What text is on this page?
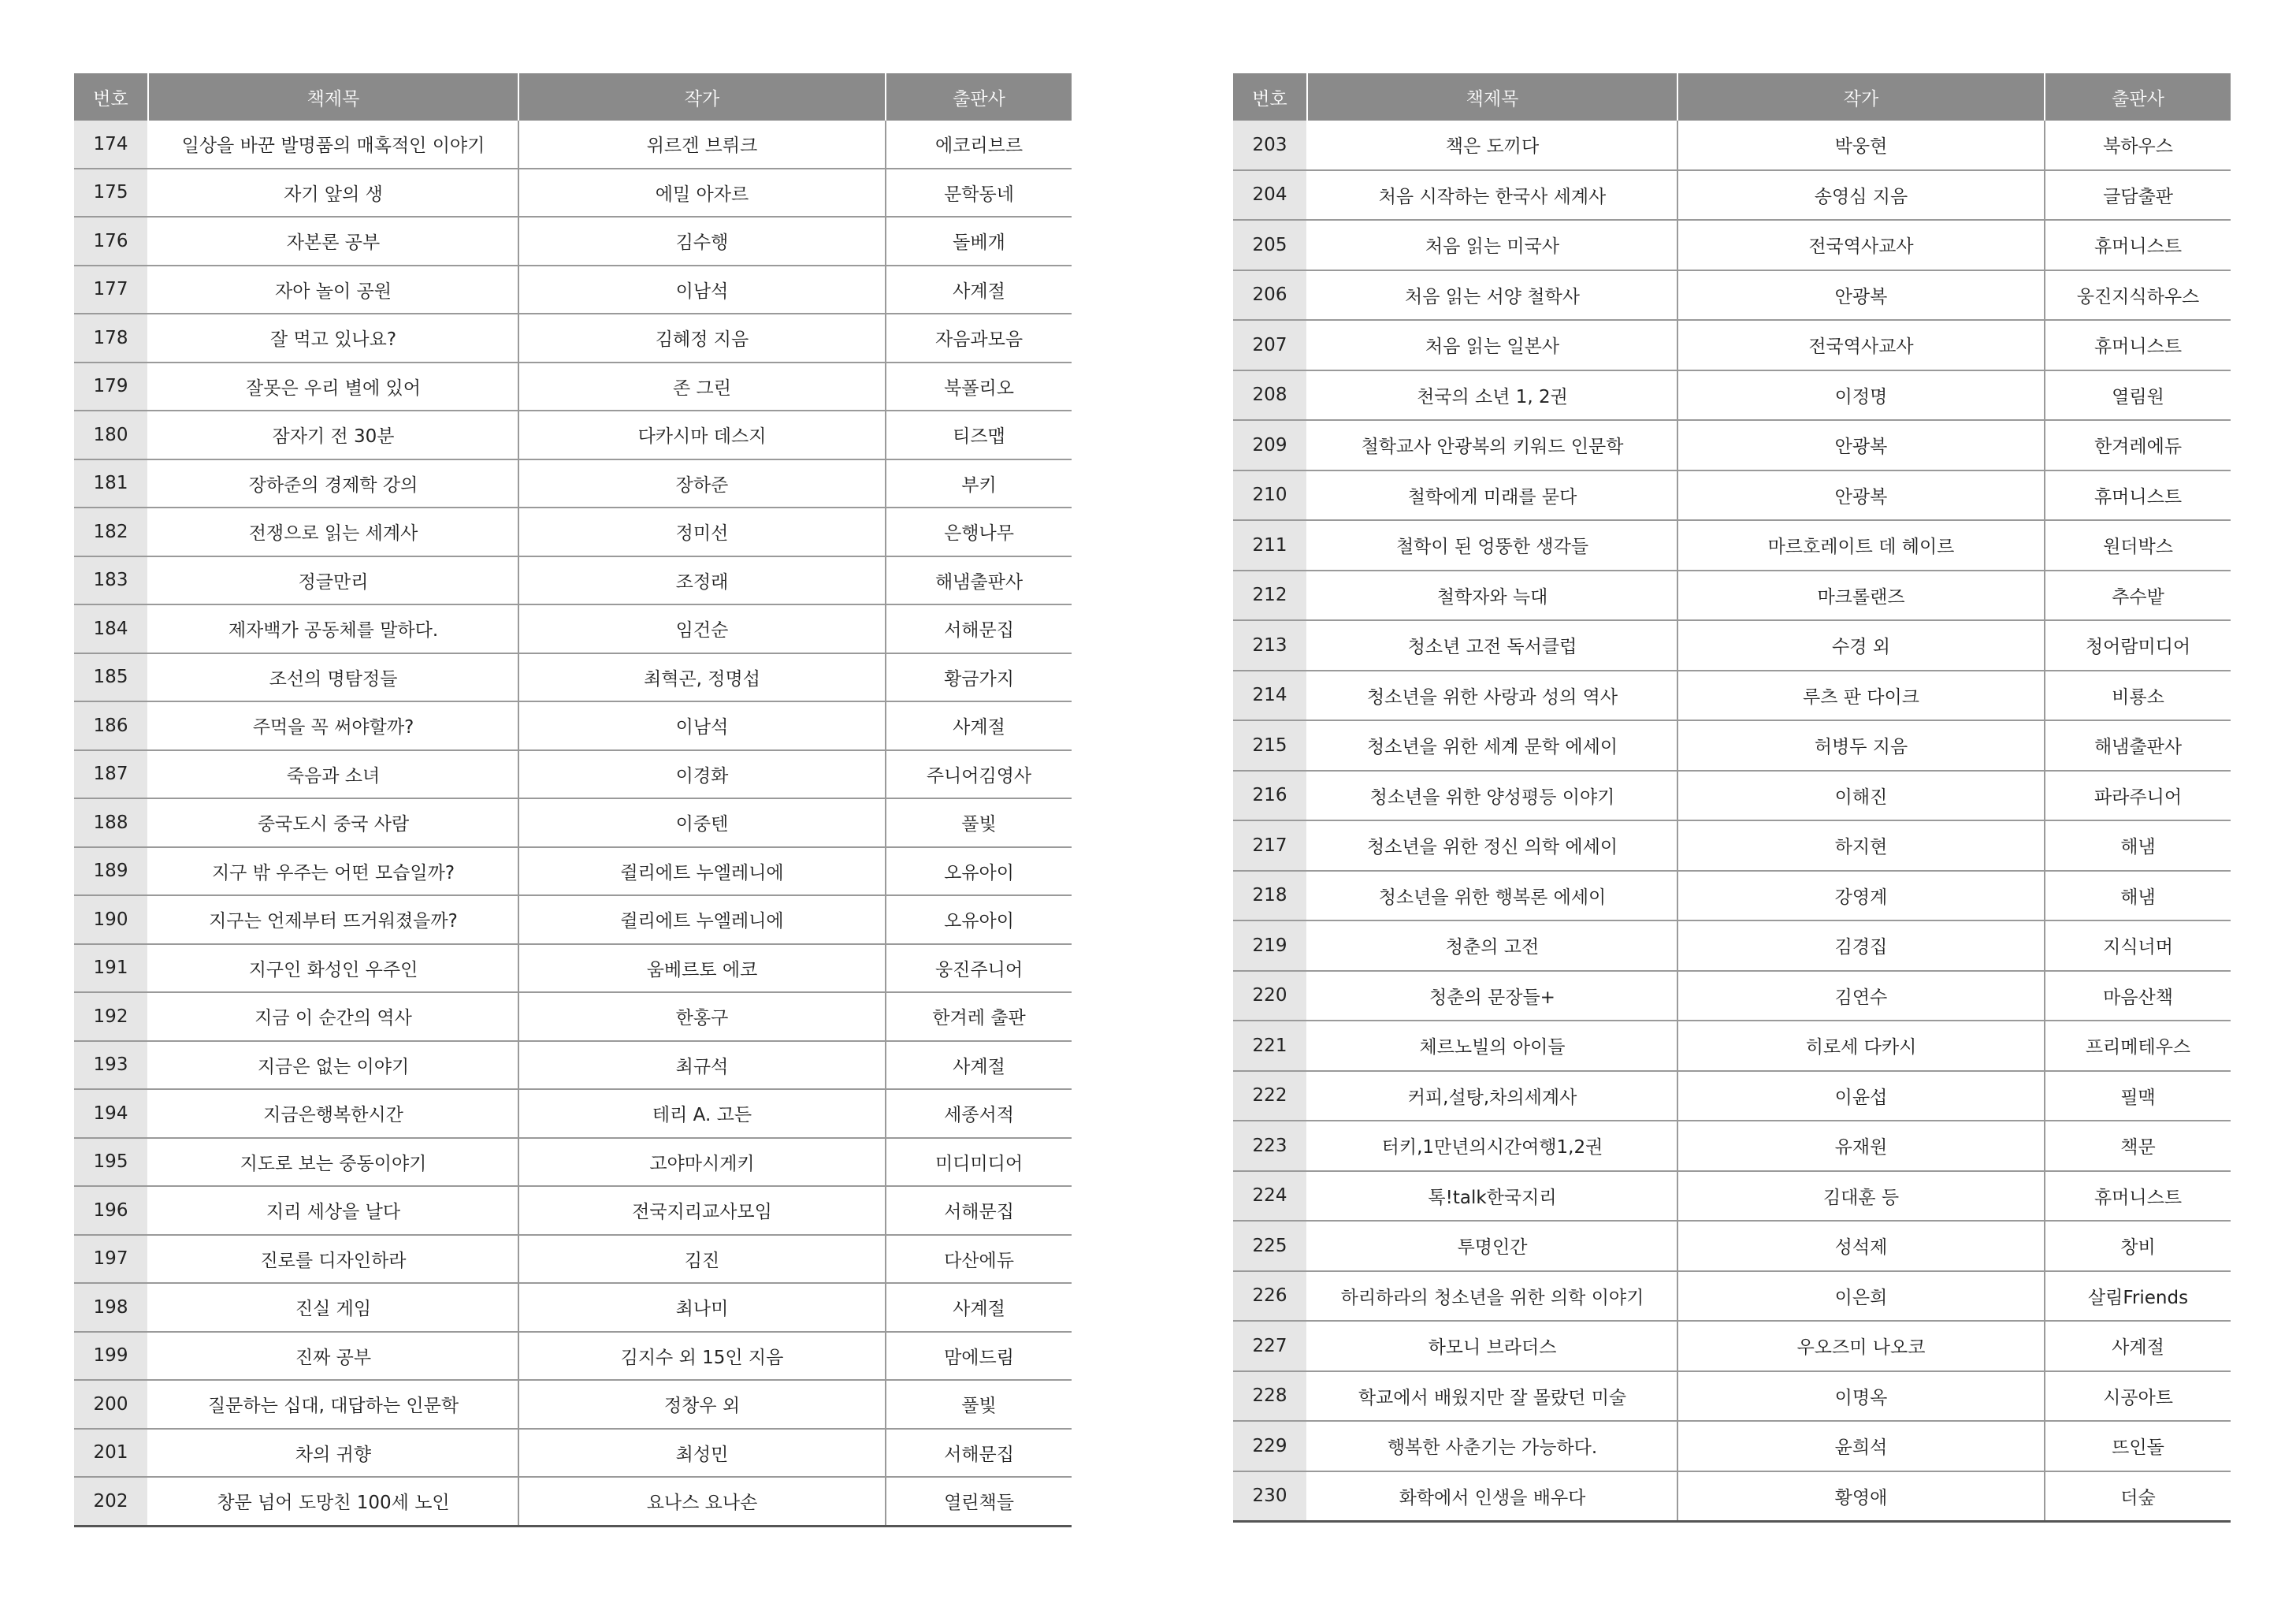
번호	책제목	작가	출판사
174	일상을 바꾼 발명품의 매혹적인 이야기	위르겐 브뤼크	에코리브르
175	자기 앞의 생	에밀 아자르	문학동네
176	자본론 공부	김수행	돌베개
177	자아 놀이 공원	이남석	사계절
178	잘 먹고 있나요?	김혜정 지음	자음과모음
179	잘못은 우리 별에 있어	존 그린	북폴리오
180	잠자기 전 30분	다카시마 데스지	티즈맵
181	장하준의 경제학 강의	장하준	부키
182	전쟁으로 읽는 세계사	정미선	은행나무
183	정글만리	조정래	해냄출판사
184	제자백가 공동체를 말하다.	임건순	서해문집
185	조선의 명탐정들	최혁곤, 정명섭	황금가지
186	주먹을 꼭 써야할까?	이남석	사계절
187	죽음과 소녀	이경화	주니어김영사
188	중국도시 중국 사람	이중텐	풀빛
189	지구 밖 우주는 어떤 모습일까?	쥘리에트 누엘레니에	오유아이
190	지구는 언제부터 뜨거워졌을까?	쥘리에트 누엘레니에	오유아이
191	지구인 화성인 우주인	움베르토 에코	웅진주니어
192	지금 이 순간의 역사	한홍구	한겨레 출판
193	지금은 없는 이야기	최규석	사계절
194	지금은행복한시간	테리 A. 고든	세종서적
195	지도로 보는 중동이야기	고야마시게키	미디미디어
196	지리 세상을 날다	전국지리교사모임	서해문집
197	진로를 디자인하라	김진	다산에듀
198	진실 게임	최나미	사계절
199	진짜 공부	김지수 외 15인 지음	맘에드림
200	질문하는 십대, 대답하는 인문학	정창우 외	풀빛
201	차의 귀향	최성민	서해문집
202	창문 넘어 도망친 100세 노인	요나스 요나손	열린책들
번호	책제목	작가	출판사
203	책은 도끼다	박웅현	북하우스
204	처음 시작하는 한국사 세계사	송영심 지음	글담출판
205	처음 읽는 미국사	전국역사교사	휴머니스트
206	처음 읽는 서양 철학사	안광복	웅진지식하우스
207	처음 읽는 일본사	전국역사교사	휴머니스트
208	천국의 소년 1, 2권	이정명	열림원
209	철학교사 안광복의 키워드 인문학	안광복	한겨레에듀
210	철학에게 미래를 묻다	안광복	휴머니스트
211	철학이 된 엉뚱한 생각들	마르호레이트 데 헤이르	원더박스
212	철학자와 늑대	마크롤랜즈	추수밭
213	청소년 고전 독서클럽	수경 외	청어람미디어
214	청소년을 위한 사랑과 성의 역사	루츠 판 다이크	비룡소
215	청소년을 위한 세계 문학 에세이	허병두 지음	해냄출판사
216	청소년을 위한 양성평등 이야기	이해진	파라주니어
217	청소년을 위한 정신 의학 에세이	하지현	해냄
218	청소년을 위한 행복론 에세이	강영계	해냄
219	청춘의 고전	김경집	지식너머
220	청춘의 문장들+	김연수	마음산책
221	체르노빌의 아이들	히로세 다카시	프리메테우스
222	커피,설탕,차의세계사	이윤섭	필맥
223	터키,1만년의시간여행1,2권	유재원	책문
224	톡!talk한국지리	김대훈 등	휴머니스트
225	투명인간	성석제	창비
226	하리하라의 청소년을 위한 의학 이야기	이은희	살림Friends
227	하모니 브라더스	우오즈미 나오코	사계절
228	학교에서 배웠지만 잘 몰랐던 미술	이명옥	시공아트
229	행복한 사춘기는 가능하다.	윤희석	뜨인돌
230	화학에서 인생을 배우다	황영애	더숲
